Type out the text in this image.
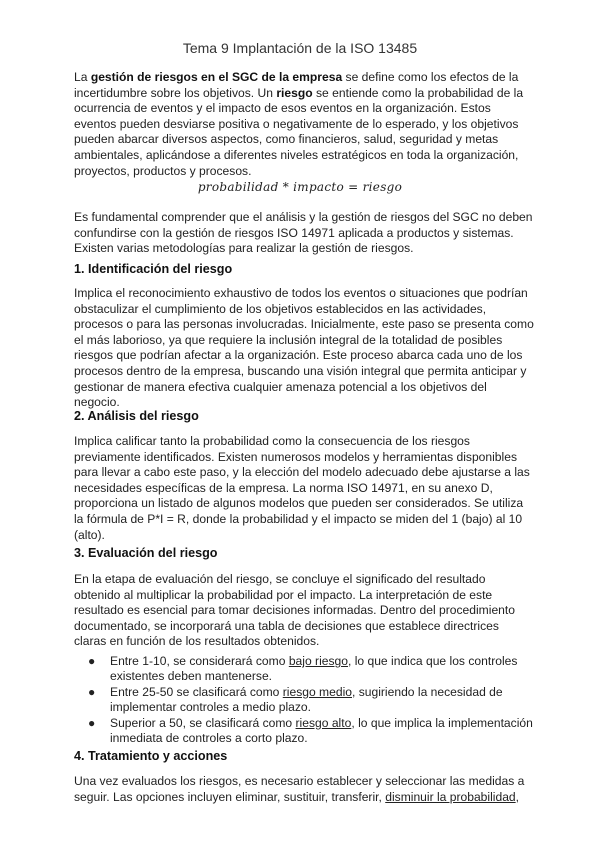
Tema 9 Implantación de la ISO 13485

La gestión de riesgos en el SGC de la empresa se define como los efectos de la incertidumbre sobre los objetivos. Un riesgo se entiende como la probabilidad de la ocurrencia de eventos y el impacto de esos eventos en la organización. Estos eventos pueden desviarse positiva o negativamente de lo esperado, y los objetivos pueden abarcar diversos aspectos, como financieros, salud, seguridad y metas ambientales, aplicándose a diferentes niveles estratégicos en toda la organización, proyectos, productos y procesos.

probabilidad * impacto = riesgo

Es fundamental comprender que el análisis y la gestión de riesgos del SGC no deben confundirse con la gestión de riesgos ISO 14971 aplicada a productos y sistemas. Existen varias metodologías para realizar la gestión de riesgos.

1. Identificación del riesgo

Implica el reconocimiento exhaustivo de todos los eventos o situaciones que podrían obstaculizar el cumplimiento de los objetivos establecidos en las actividades, procesos o para las personas involucradas. Inicialmente, este paso se presenta como el más laborioso, ya que requiere la inclusión integral de la totalidad de posibles riesgos que podrían afectar a la organización. Este proceso abarca cada uno de los procesos dentro de la empresa, buscando una visión integral que permita anticipar y gestionar de manera efectiva cualquier amenaza potencial a los objetivos del negocio.

2. Análisis del riesgo

Implica calificar tanto la probabilidad como la consecuencia de los riesgos previamente identificados. Existen numerosos modelos y herramientas disponibles para llevar a cabo este paso, y la elección del modelo adecuado debe ajustarse a las necesidades específicas de la empresa. La norma ISO 14971, en su anexo D, proporciona un listado de algunos modelos que pueden ser considerados. Se utiliza la fórmula de P*I = R, donde la probabilidad y el impacto se miden del 1 (bajo) al 10 (alto).

3. Evaluación del riesgo

En la etapa de evaluación del riesgo, se concluye el significado del resultado obtenido al multiplicar la probabilidad por el impacto. La interpretación de este resultado es esencial para tomar decisiones informadas. Dentro del procedimiento documentado, se incorporará una tabla de decisiones que establece directrices claras en función de los resultados obtenidos.

● Entre 1-10, se considerará como bajo riesgo, lo que indica que los controles existentes deben mantenerse.
● Entre 25-50 se clasificará como riesgo medio, sugiriendo la necesidad de implementar controles a medio plazo.
● Superior a 50, se clasificará como riesgo alto, lo que implica la implementación inmediata de controles a corto plazo.
4. Tratamiento y acciones

Una vez evaluados los riesgos, es necesario establecer y seleccionar las medidas a seguir. Las opciones incluyen eliminar, sustituir, transferir, disminuir la probabilidad,
